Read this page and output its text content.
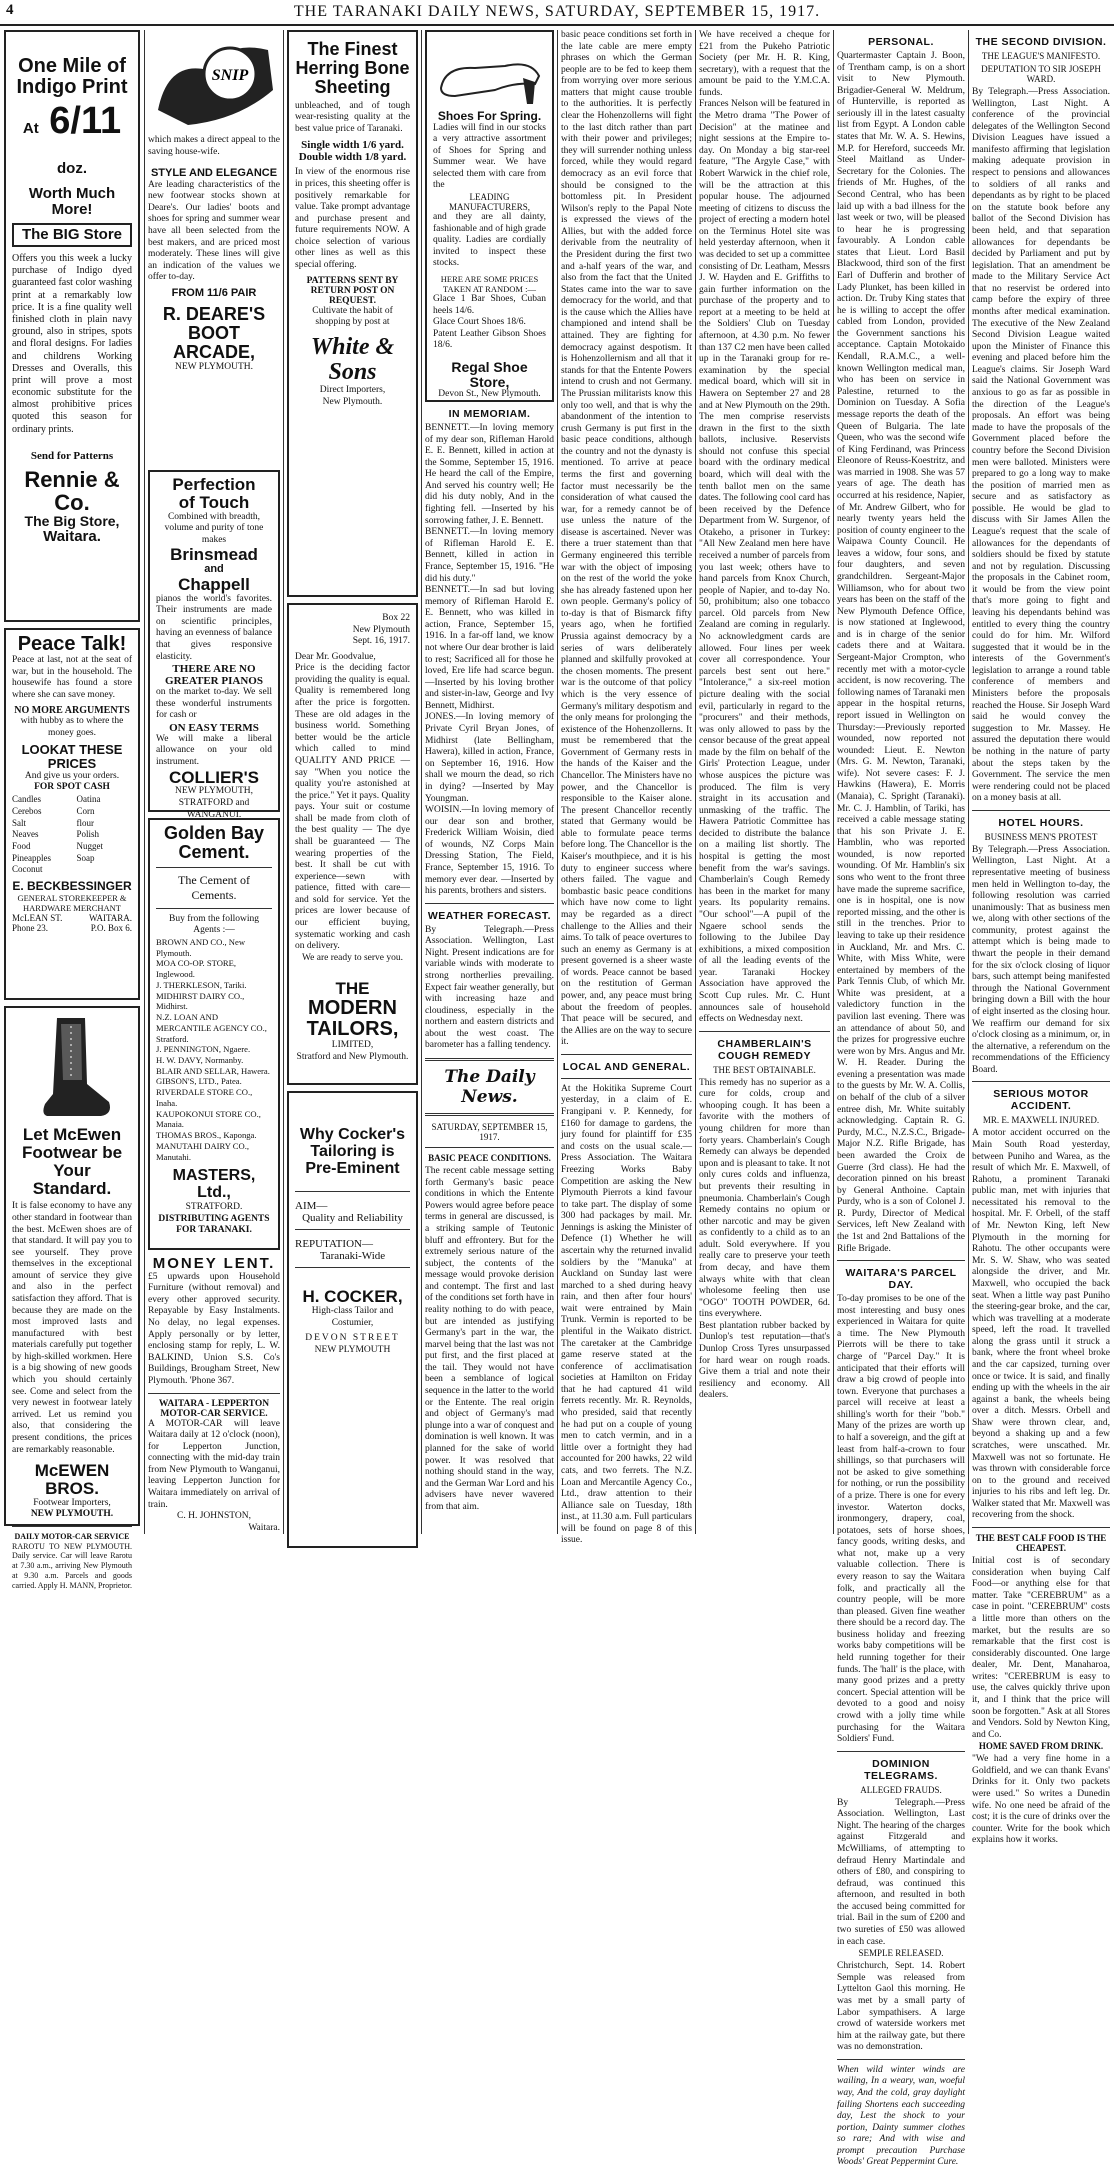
4	THE TARANAKI DAILY NEWS, SATURDAY, SEPTEMBER 15, 1917.
One Mile of
Indigo Print
At 6/11 doz.
Worth Much More!
The BIG Store
Offers you this week a lucky purchase of Indigo dyed guaranteed fast color washing print at a remarkably low price. It is a fine quality well finished cloth in plain navy ground, also in stripes, spots and floral designs. For ladies and childrens Working Dresses and Overalls, this print will prove a most economic substitute for the almost prohibitive prices quoted this season for ordinary prints.
Send for Patterns
Rennie & Co.
The Big Store,
Waitara.
Peace Talk!
Peace at last, not at the seat of war, but in the household. The housewife has found a store where she can save money.
NO MORE ARGUMENTS
with hubby as to where the money goes.
LOOKAT THESE PRICES
And give us your orders.
FOR SPOT CASH
Candles
Cerebos
Salt
Neaves
Food
Pineapples
Coconut
Oatina
Corn
flour
Polish
Nugget
Soap
E. BECKBESSINGER
GENERAL STOREKEEPER & HARDWARE MERCHANT
McLEAN ST.	WAITARA.
Phone 23.	P.O. Box 6.
Let McEwen
Footwear be
Your Standard.
It is false economy to have any other standard in footwear than the best. McEwen shoes are of that standard. It will pay you to see yourself. They prove themselves in the exceptional amount of service they give and also in the perfect satisfaction they afford. That is because they are made on the most improved lasts and manufactured with best materials carefully put together by high-skilled workmen. Here is a big showing of new goods which you should certainly see. Come and select from the very newest in footwear lately arrived. Let us remind you also, that considering the present conditions, the prices are remarkably reasonable.
McEWEN BROS.
Footwear Importers,
NEW PLYMOUTH.
DAILY MOTOR-CAR SERVICE
RAROTU TO NEW PLYMOUTH. Daily service. Car will leave Rarotu at 7.30 a.m., arriving New Plymouth at 9.30 a.m. Parcels and goods carried. Apply H. MANN, Proprietor.
SNIP
which makes a direct appeal to the saving house-wife.
STYLE AND ELEGANCE
Are leading characteristics of the new footwear stocks shown at Deare's. Our ladies' boots and shoes for spring and summer wear have all been selected from the best makers, and are priced most moderately. These lines will give an indication of the values we offer to-day.
FROM 11/6 PAIR
R. DEARE'S
BOOT
ARCADE,
NEW PLYMOUTH.
Perfection
of Touch
Combined with breadth, volume and purity of tone makes
Brinsmead
and
Chappell
pianos the world's favorites. Their instruments are made on scientific principles, having an evenness of balance that gives responsive elasticity.
THERE ARE NO GREATER PIANOS
on the market to-day. We sell these wonderful instruments for cash or
ON EASY TERMS
We will make a liberal allowance on your old instrument.
COLLIER'S
NEW PLYMOUTH, STRATFORD and WANGANUI.
Golden Bay
Cement.
The Cement of Cements.
Buy from the following Agents :—
BROWN AND CO., New Plymouth.
MOA CO-OP. STORE, Inglewood.
J. THERKLESON, Tariki.
MIDHIRST DAIRY CO., Midhirst.
N.Z. LOAN AND MERCANTILE AGENCY CO., Stratford.
J. PENNINGTON, Ngaere.
H. W. DAVY, Normanby.
BLAIR AND SELLAR, Hawera.
GIBSON'S, LTD., Patea.
RIVERDALE STORE CO., Inaha.
KAUPOKONUI STORE CO., Manaia.
THOMAS BROS., Kaponga.
MANUTAHI DAIRY CO., Manutahi.
MASTERS, Ltd.,
STRATFORD.
DISTRIBUTING AGENTS FOR TARANAKI.
MONEY LENT.
£5 upwards upon Household Furniture (without removal) and every other approved security. Repayable by Easy Instalments. No delay, no legal expenses. Apply personally or by letter, enclosing stamp for reply, L. W. BALKIND, Union S.S. Co's Buildings, Brougham Street, New Plymouth. 'Phone 367.
WAITARA - LEPPERTON MOTOR-CAR SERVICE.
A MOTOR-CAR will leave Waitara daily at 12 o'clock (noon), for Lepperton Junction, connecting with the mid-day train from New Plymouth to Wanganui, leaving Lepperton Junction for Waitara immediately on arrival of train.
C. H. JOHNSTON,
Waitara.
The Finest
Herring Bone
Sheeting
unbleached, and of tough wear-resisting quality at the best value price of Taranaki.
Single width 1/6 yard.
Double width 1/8 yard.
In view of the enormous rise in prices, this sheeting offer is positively remarkable for value. Take prompt advantage and purchase present and future requirements NOW. A choice selection of various other lines as well as this special offering.
PATTERNS SENT BY RETURN POST ON REQUEST.
Cultivate the habit of shopping by post at
White & Sons
Direct Importers,
New Plymouth.
Box 22
New Plymouth
Sept. 16, 1917.
Dear Mr. Goodvalue,
Price is the deciding factor providing the quality is equal. Quality is remembered long after the price is forgotten. These are old adages in the business world. Something better would be the article which called to mind QUALITY AND PRICE —say "When you notice the quality you're astonished at the price." Yet it pays. Quality pays. Your suit or costume shall be made from cloth of the best quality — The dye shall be guaranteed — The wearing properties of the best. It shall be cut with experience—sewn with patience, fitted with care—and sold for service. Yet the prices are lower because of our efficient buying, systematic working and cash on delivery.
We are ready to serve you.
THE
MODERN
TAILORS,
LIMITED,
Stratford and New Plymouth.
Why Cocker's
Tailoring is
Pre-Eminent
AIM—
Quality and Reliability
REPUTATION—
Taranaki-Wide
H. COCKER,
High-class Tailor and Costumier,
DEVON STREET
NEW PLYMOUTH
Shoes For Spring.
Ladies will find in our stocks a very attractive assortment of Shoes for Spring and Summer wear. We have selected them with care from the
LEADING MANUFACTURERS,
and they are all dainty, fashionable and of high grade quality. Ladies are cordially invited to inspect these stocks.
HERE ARE SOME PRICES TAKEN AT RANDOM :—
Glace 1 Bar Shoes, Cuban heels 14/6.
Glace Court Shoes 18/6.
Patent Leather Gibson Shoes 18/6.
Regal Shoe Store,
Devon St., New Plymouth.
IN MEMORIAM.
BENNETT.—In loving memory of my dear son, Rifleman Harold E. E. Bennett, killed in action at the Somme, September 15, 1916. He heard the call of the Empire, And served his country well; He did his duty nobly, And in the fighting fell. —Inserted by his sorrowing father, J. E. Bennett.
BENNETT.—In loving memory of Rifleman Harold E. E. Bennett, killed in action in France, September 15, 1916. "He did his duty."
BENNETT.—In sad but loving memory of Rifleman Harold E. E. Bennett, who was killed in action, France, September 15, 1916. In a far-off land, we know not where Our dear brother is laid to rest; Sacrificed all for those he loved, Ere life had scarce begun. —Inserted by his loving brother and sister-in-law, George and Ivy Bennett, Midhirst.
JONES.—In loving memory of Private Cyril Bryan Jones, of Midhirst (late Bellingham, Hawera), killed in action, France, on September 16, 1916. How shall we mourn the dead, so rich in dying? —Inserted by May Youngman.
WOISIN.—In loving memory of our dear son and brother, Frederick William Woisin, died of wounds, NZ Corps Main Dressing Station, The Field, France, September 15, 1916. To memory ever dear. —Inserted by his parents, brothers and sisters.
WEATHER FORECAST.
By Telegraph.—Press Association. Wellington, Last Night. Present indications are for variable winds with moderate to strong northerlies prevailing. Expect fair weather generally, but with increasing haze and cloudiness, especially in the northern and eastern districts and about the west coast. The barometer has a falling tendency.
The Daily News.
SATURDAY, SEPTEMBER 15, 1917.
BASIC PEACE CONDITIONS.
The recent cable message setting forth Germany's basic peace conditions in which the Entente Powers would agree before peace terms in general are discussed, is a striking sample of Teutonic bluff and effrontery. But for the extremely serious nature of the subject, the contents of the message would provoke derision and contempt. The first and last of the conditions set forth have in reality nothing to do with peace, but are intended as justifying Germany's part in the war, the marvel being that the last was not put first, and the first placed at the tail. They would not have been a semblance of logical sequence in the latter to the world or the Entente. The real origin and object of Germany's mad plunge into a war of conquest and domination is well known. It was planned for the sake of world power. It was resolved that nothing should stand in the way, and the German War Lord and his advisers have never wavered from that aim.
basic peace conditions set forth in the late cable are mere empty phrases on which the German people are to be fed to keep them from worrying over more serious matters that might cause trouble to the authorities. It is perfectly clear the Hohenzollerns will fight to the last ditch rather than part with their power and privileges; they will surrender nothing unless forced, while they would regard democracy as an evil force that should be consigned to the bottomless pit. In President Wilson's reply to the Papal Note is expressed the views of the Allies, but with the added force derivable from the neutrality of the President during the first two and a-half years of the war, and also from the fact that the United States came into the war to save democracy for the world, and that is the cause which the Allies have championed and intend shall be attained. They are fighting for democracy against despotism. It is Hohenzollernism and all that it stands for that the Entente Powers intend to crush and not Germany. The Prussian militarists know this only too well, and that is why the abandonment of the intention to crush Germany is put first in the basic peace conditions, although the country and not the dynasty is mentioned. To arrive at peace terms the first and governing factor must necessarily be the consideration of what caused the war, for a remedy cannot be of use unless the nature of the disease is ascertained. Never was there a truer statement than that Germany engineered this terrible war with the object of imposing on the rest of the world the yoke she has already fastened upon her own people. Germany's policy of to-day is that of Bismarck fifty years ago, when he fortified Prussia against democracy by a series of wars deliberately planned and skilfully provoked at the chosen moments. The present war is the outcome of that policy which is the very essence of Germany's military despotism and the only means for prolonging the existence of the Hohenzollerns. It must be remembered that the Government of Germany rests in the hands of the Kaiser and the Chancellor. The Ministers have no power, and the Chancellor is responsible to the Kaiser alone. The present Chancellor recently stated that Germany would be able to formulate peace terms before long. The Chancellor is the Kaiser's mouthpiece, and it is his duty to engineer success where others failed. The vague and bombastic basic peace conditions which have now come to light may be regarded as a direct challenge to the Allies and their aims. To talk of peace overtures to such an enemy as Germany is at present governed is a sheer waste of words. Peace cannot be based on the restitution of German power, and, any peace must bring about the freedom of peoples. That peace will be secured, and the Allies are on the way to secure it.
LOCAL AND GENERAL.
At the Hokitika Supreme Court yesterday, in a claim of E. Frangipani v. P. Kennedy, for £160 for damage to gardens, the jury found for plaintiff for £35 and costs on the usual scale.—Press Association. The Waitara Freezing Works Baby Competition are asking the New Plymouth Pierrots a kind favour to take part. The display of some 300 had packages by mail. Mr. Jennings is asking the Minister of Defence (1) Whether he will ascertain why the returned invalid soldiers by the "Manuka" at Auckland on Sunday last were marched to a shed during heavy rain, and then after four hours' wait were entrained by Main Trunk. Vermin is reported to be plentiful in the Waikato district. The caretaker at the Cambridge game reserve stated at the conference of acclimatisation societies at Hamilton on Friday that he had captured 41 wild ferrets recently. Mr. R. Reynolds, who presided, said that recently he had put on a couple of young men to catch vermin, and in a little over a fortnight they had accounted for 200 hawks, 22 wild cats, and two ferrets. The N.Z. Loan and Mercantile Agency Co., Ltd., draw attention to their Alliance sale on Tuesday, 18th inst., at 11.30 a.m. Full particulars will be found on page 8 of this issue.
We have received a cheque for £21 from the Pukeho Patriotic Society (per Mr. H. R. King, secretary), with a request that the amount be paid to the Y.M.C.A. funds.
Frances Nelson will be featured in the Metro drama "The Power of Decision" at the matinee and night sessions at the Empire to-day. On Monday a big star-reel feature, "The Argyle Case," with Robert Warwick in the chief role, will be the attraction at this popular house. The adjourned meeting of citizens to discuss the project of erecting a modern hotel on the Terminus Hotel site was held yesterday afternoon, when it was decided to set up a committee consisting of Dr. Leatham, Messrs J. W. Hayden and E. Griffiths to gain further information on the purchase of the property and to report at a meeting to be held at the Soldiers' Club on Tuesday afternoon, at 4.30 p.m. No fewer than 137 C2 men have been called up in the Taranaki group for re-examination by the special medical board, which will sit in Hawera on September 27 and 28 and at New Plymouth on the 29th. The men comprise reservists drawn in the first to the sixth ballots, inclusive. Reservists should not confuse this special board with the ordinary medical board, which will deal with the tenth ballot men on the same dates. The following cool card has been received by the Defence Department from W. Surgenor, of Otakeho, a prisoner in Turkey: "All New Zealand men here have received a number of parcels from you last week; others have to hand parcels from Knox Church, people of Napier, and to-day No. 50, prohibitum; also one tobacco parcel. Old parcels from New Zealand are coming in regularly. No acknowledgment cards are allowed. Four lines per week cover all correspondence. Your parcels best sent out here." "Intolerance," a six-reel motion picture dealing with the social evil, particularly in regard to the "procurers" and their methods, was only allowed to pass by the censor because of the great appeal made by the film on behalf of the Girls' Protection League, under whose auspices the picture was produced. The film is very straight in its accusation and unmasking of the traffic. The Hawera Patriotic Committee has decided to distribute the balance on a mailing list shortly. The hospital is getting the most benefit from the war's savings. Chamberlain's Cough Remedy has been in the market for many years. Its popularity remains. "Our school"—A pupil of the Ngaere school sends the following to the Jubilee Day exhibitions, a mixed composition of all the leading events of the year. Taranaki Hockey Association have approved the Scott Cup rules. Mr. C. Hunt announces sale of household effects on Wednesday next.
CHAMBERLAIN'S COUGH REMEDY
THE BEST OBTAINABLE.
This remedy has no superior as a cure for colds, croup and whooping cough. It has been a favorite with the mothers of young children for more than forty years. Chamberlain's Cough Remedy can always be depended upon and is pleasant to take. It not only cures colds and influenza, but prevents their resulting in pneumonia. Chamberlain's Cough Remedy contains no opium or other narcotic and may be given as confidently to a child as to an adult. Sold everywhere. If you really care to preserve your teeth from decay, and have them always white with that clean wholesome feeling then use "OGO" TOOTH POWDER, 6d. tins everywhere.
Best plantation rubber backed by Dunlop's test reputation—that's Dunlop Cross Tyres unsurpassed for hard wear on rough roads. Give them a trial and note their resiliency and economy. All dealers.
PERSONAL.
Quartermaster Captain J. Boon, of Trentham camp, is on a short visit to New Plymouth. Brigadier-General W. Meldrum, of Hunterville, is reported as seriously ill in the latest casualty list from Egypt. A London cable states that Mr. W. A. S. Hewins, M.P. for Hereford, succeeds Mr. Steel Maitland as Under-Secretary for the Colonies. The friends of Mr. Hughes, of the Second Central, who has been laid up with a bad illness for the last week or two, will be pleased to hear he is progressing favourably. A London cable states that Lieut. Lord Basil Blackwood, third son of the first Earl of Dufferin and brother of Lady Plunket, has been killed in action. Dr. Truby King states that he is willing to accept the offer cabled from London, provided the Government sanctions his acceptance. Captain Motokaido Kendall, R.A.M.C., a well-known Wellington medical man, who has been on service in Palestine, returned to the Dominion on Tuesday. A Sofia message reports the death of the Queen of Bulgaria. The late Queen, who was the second wife of King Ferdinand, was Princess Eleonore of Reuss-Koestritz, and was married in 1908. She was 57 years of age. The death has occurred at his residence, Napier, of Mr. Andrew Gilbert, who for nearly twenty years held the position of county engineer to the Waipawa County Council. He leaves a widow, four sons, and four daughters, and seven grandchildren. Sergeant-Major Williamson, who for about two years has been on the staff of the New Plymouth Defence Office, is now stationed at Inglewood, and is in charge of the senior cadets there and at Waitara. Sergeant-Major Crompton, who recently met with a motor-cycle accident, is now recovering. The following names of Taranaki men appear in the hospital returns, report issued in Wellington on Thursday:—Previously reported wounded, now reported not wounded: Lieut. E. Newton (Mrs. G. M. Newton, Taranaki, wife). Not severe cases: F. J. Hawkins (Hawera), E. Morris (Manaia), C. Spright (Taranaki). Mr. C. J. Hamblin, of Tariki, has received a cable message stating that his son Private J. E. Hamblin, who was reported wounded, is now reported wounding. Of Mr. Hamblin's six sons who went to the front three have made the supreme sacrifice, one is in hospital, one is now reported missing, and the other is still in the trenches. Prior to leaving to take up their residence in Auckland, Mr. and Mrs. C. White, with Miss White, were entertained by members of the Park Tennis Club, of which Mr. White was president, at a valedictory function in the pavilion last evening. There was an attendance of about 50, and the prizes for progressive euchre were won by Mrs. Angus and Mr. W. H. Reader. During the evening a presentation was made to the guests by Mr. W. A. Collis, on behalf of the club of a silver entree dish, Mr. White suitably acknowledging. Captain R. G. Purdy, M.C., N.Z.S.C., Brigade-Major N.Z. Rifle Brigade, has been awarded the Croix de Guerre (3rd class). He had the decoration pinned on his breast by General Anthoine. Captain Purdy, who is a son of Colonel J. R. Purdy, Director of Medical Services, left New Zealand with the 1st and 2nd Battalions of the Rifle Brigade.
WAITARA'S PARCEL DAY.
To-day promises to be one of the most interesting and busy ones experienced in Waitara for quite a time. The New Plymouth Pierrots will be there to take charge of "Parcel Day." It is anticipated that their efforts will draw a big crowd of people into town. Everyone that purchases a parcel will receive at least a shilling's worth for their "bob." Many of the prizes are worth up to half a sovereign, and the gift at least from half-a-crown to four shillings, so that purchasers will not be asked to give something for nothing, or run the possibility of a prize. There is one for every investor. Waterton docks, ironmongery, drapery, coal, potatoes, sets of horse shoes, fancy goods, writing desks, and what not, make up a very valuable collection. There is every reason to say the Waitara folk, and practically all the country people, will be more than pleased. Given fine weather there should be a record day. The business holiday and freezing works baby competitions will be held running together for their funds. The 'hall' is the place, with many good prizes and a pretty concert. Special attention will be devoted to a good and noisy crowd with a jolly time while purchasing for the Waitara Soldiers' Fund.
DOMINION TELEGRAMS.
ALLEGED FRAUDS.
By Telegraph.—Press Association. Wellington, Last Night. The hearing of the charges against Fitzgerald and McWilliams, of attempting to defraud Henry Martindale and others of £80, and conspiring to defraud, was continued this afternoon, and resulted in both the accused being committed for trial. Bail in the sum of £200 and two sureties of £50 was allowed in each case.
SEMPLE RELEASED.
Christchurch, Sept. 14. Robert Semple was released from Lyttelton Gaol this morning. He was met by a small party of Labor sympathisers. A large crowd of waterside workers met him at the railway gate, but there was no demonstration.
When wild winter winds are wailing, In a weary, wan, woeful way, And the cold, gray daylight failing Shortens each succeeding day, Lest the shock to your portion, Dainty summer clothes so rare; And with wise and prompt precaution Purchase Woods' Great Peppermint Cure.
THE SECOND DIVISION.
THE LEAGUE'S MANIFESTO.
DEPUTATION TO SIR JOSEPH WARD.
By Telegraph.—Press Association. Wellington, Last Night. A conference of the provincial delegates of the Wellington Second Division Leagues have issued a manifesto affirming that legislation making adequate provision in respect to pensions and allowances to soldiers of all ranks and dependants as by right to be placed on the statute book before any ballot of the Second Division has been held, and that separation allowances for dependants be decided by Parliament and put by legislation. That an amendment be made to the Military Service Act that no reservist be ordered into camp before the expiry of three months after medical examination. The executive of the New Zealand Second Division League waited upon the Minister of Finance this evening and placed before him the League's claims. Sir Joseph Ward said the National Government was anxious to go as far as possible in the direction of the League's proposals. An effort was being made to have the proposals of the Government placed before the country before the Second Division men were balloted. Ministers were prepared to go a long way to make the position of married men as secure and as satisfactory as possible. He would be glad to discuss with Sir James Allen the League's request that the scale of allowances for the dependants of soldiers should be fixed by statute and not by regulation. Discussing the proposals in the Cabinet room, it would be from the view point that's more going to fight and leaving his dependants behind was entitled to every thing the country could do for him. Mr. Wilford suggested that it would be in the interests of the Government's legislation to arrange a round table conference of members and Ministers before the proposals reached the House. Sir Joseph Ward said he would convey the suggestion to Mr. Massey. He assured the deputation there would be nothing in the nature of party about the steps taken by the Government. The service the men were rendering could not be placed on a money basis at all.
HOTEL HOURS.
BUSINESS MEN'S PROTEST
By Telegraph.—Press Association. Wellington, Last Night. At a representative meeting of business men held in Wellington to-day, the following resolution was carried unanimously: That as business men we, along with other sections of the community, protest against the attempt which is being made to thwart the people in their demand for the six o'clock closing of liquor bars, such attempt being manifested through the National Government bringing down a Bill with the hour of eight inserted as the closing hour. We reaffirm our demand for six o'clock closing as a minimum, or, in the alternative, a referendum on the recommendations of the Efficiency Board.
SERIOUS MOTOR ACCIDENT.
MR. E. MAXWELL INJURED.
A motor accident occurred on the Main South Road yesterday, between Puniho and Warea, as the result of which Mr. E. Maxwell, of Rahotu, a prominent Taranaki public man, met with injuries that necessitated his removal to the hospital. Mr. F. Orbell, of the staff of Mr. Newton King, left New Plymouth in the morning for Rahotu. The other occupants were Mr. S. W. Shaw, who was seated alongside the driver, and Mr. Maxwell, who occupied the back seat. When a little way past Puniho the steering-gear broke, and the car, which was travelling at a moderate speed, left the road. It travelled along the grass until it struck a bank, where the front wheel broke and the car capsized, turning over once or twice. It is said, and finally ending up with the wheels in the air against a bank, the wheels being over a ditch. Messrs. Orbell and Shaw were thrown clear, and, beyond a shaking up and a few scratches, were unscathed. Mr. Maxwell was not so fortunate. He was thrown with considerable force on to the ground and received injuries to his ribs and left leg. Dr. Walker stated that Mr. Maxwell was recovering from the shock.
THE BEST CALF FOOD IS THE CHEAPEST.
Initial cost is of secondary consideration when buying Calf Food—or anything else for that matter. Take "CEREBRUM" as a case in point. "CEREBRUM" costs a little more than others on the market, but the results are so remarkable that the first cost is considerably discounted. One large dealer, Mr. Dent, Manaharoa, writes: "CEREBRUM is easy to use, the calves quickly thrive upon it, and I think that the price will soon be forgotten." Ask at all Stores and Vendors. Sold by Newton King, and Co.
HOME SAVED FROM DRINK.
"We had a very fine home in a Goldfield, and we can thank Evans' Drinks for it. Only two packets were used." So writes a Dunedin wife. No one need be afraid of the cost; it is the cure of drinks over the counter. Write for the book which explains how it works.
